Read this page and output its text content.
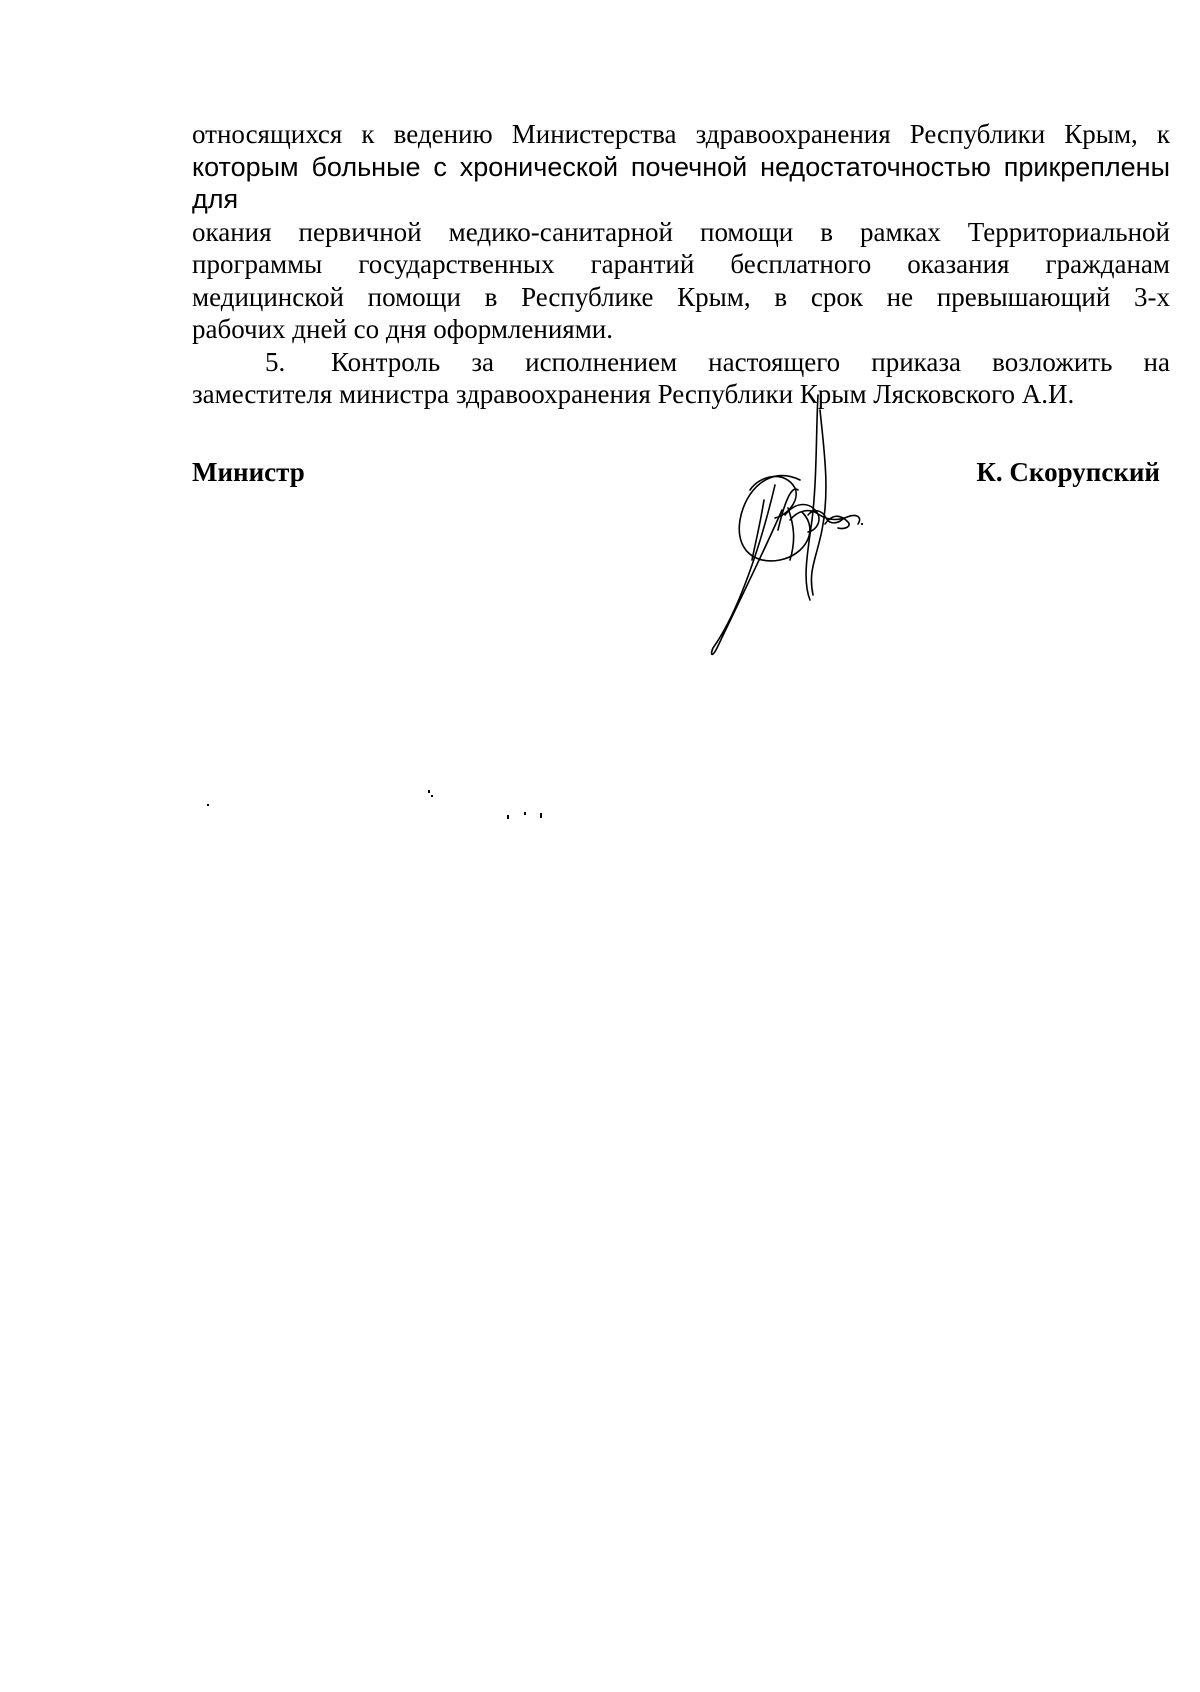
относящихся к ведению Министерства здравоохранения Республики Крым, к
которым больные с хронической почечной недостаточностью прикреплены для
окания первичной медико-санитарной помощи в рамках Территориальной
программы государственных гарантий бесплатного оказания гражданам
медицинской помощи в Республике Крым, в срок не превышающий 3-х
рабочих дней со дня оформлениями.
5. Контроль за исполнением настоящего приказа возложить на
заместителя министра здравоохранения Республики Крым Лясковского А.И.
Министр	К. Скорупский
